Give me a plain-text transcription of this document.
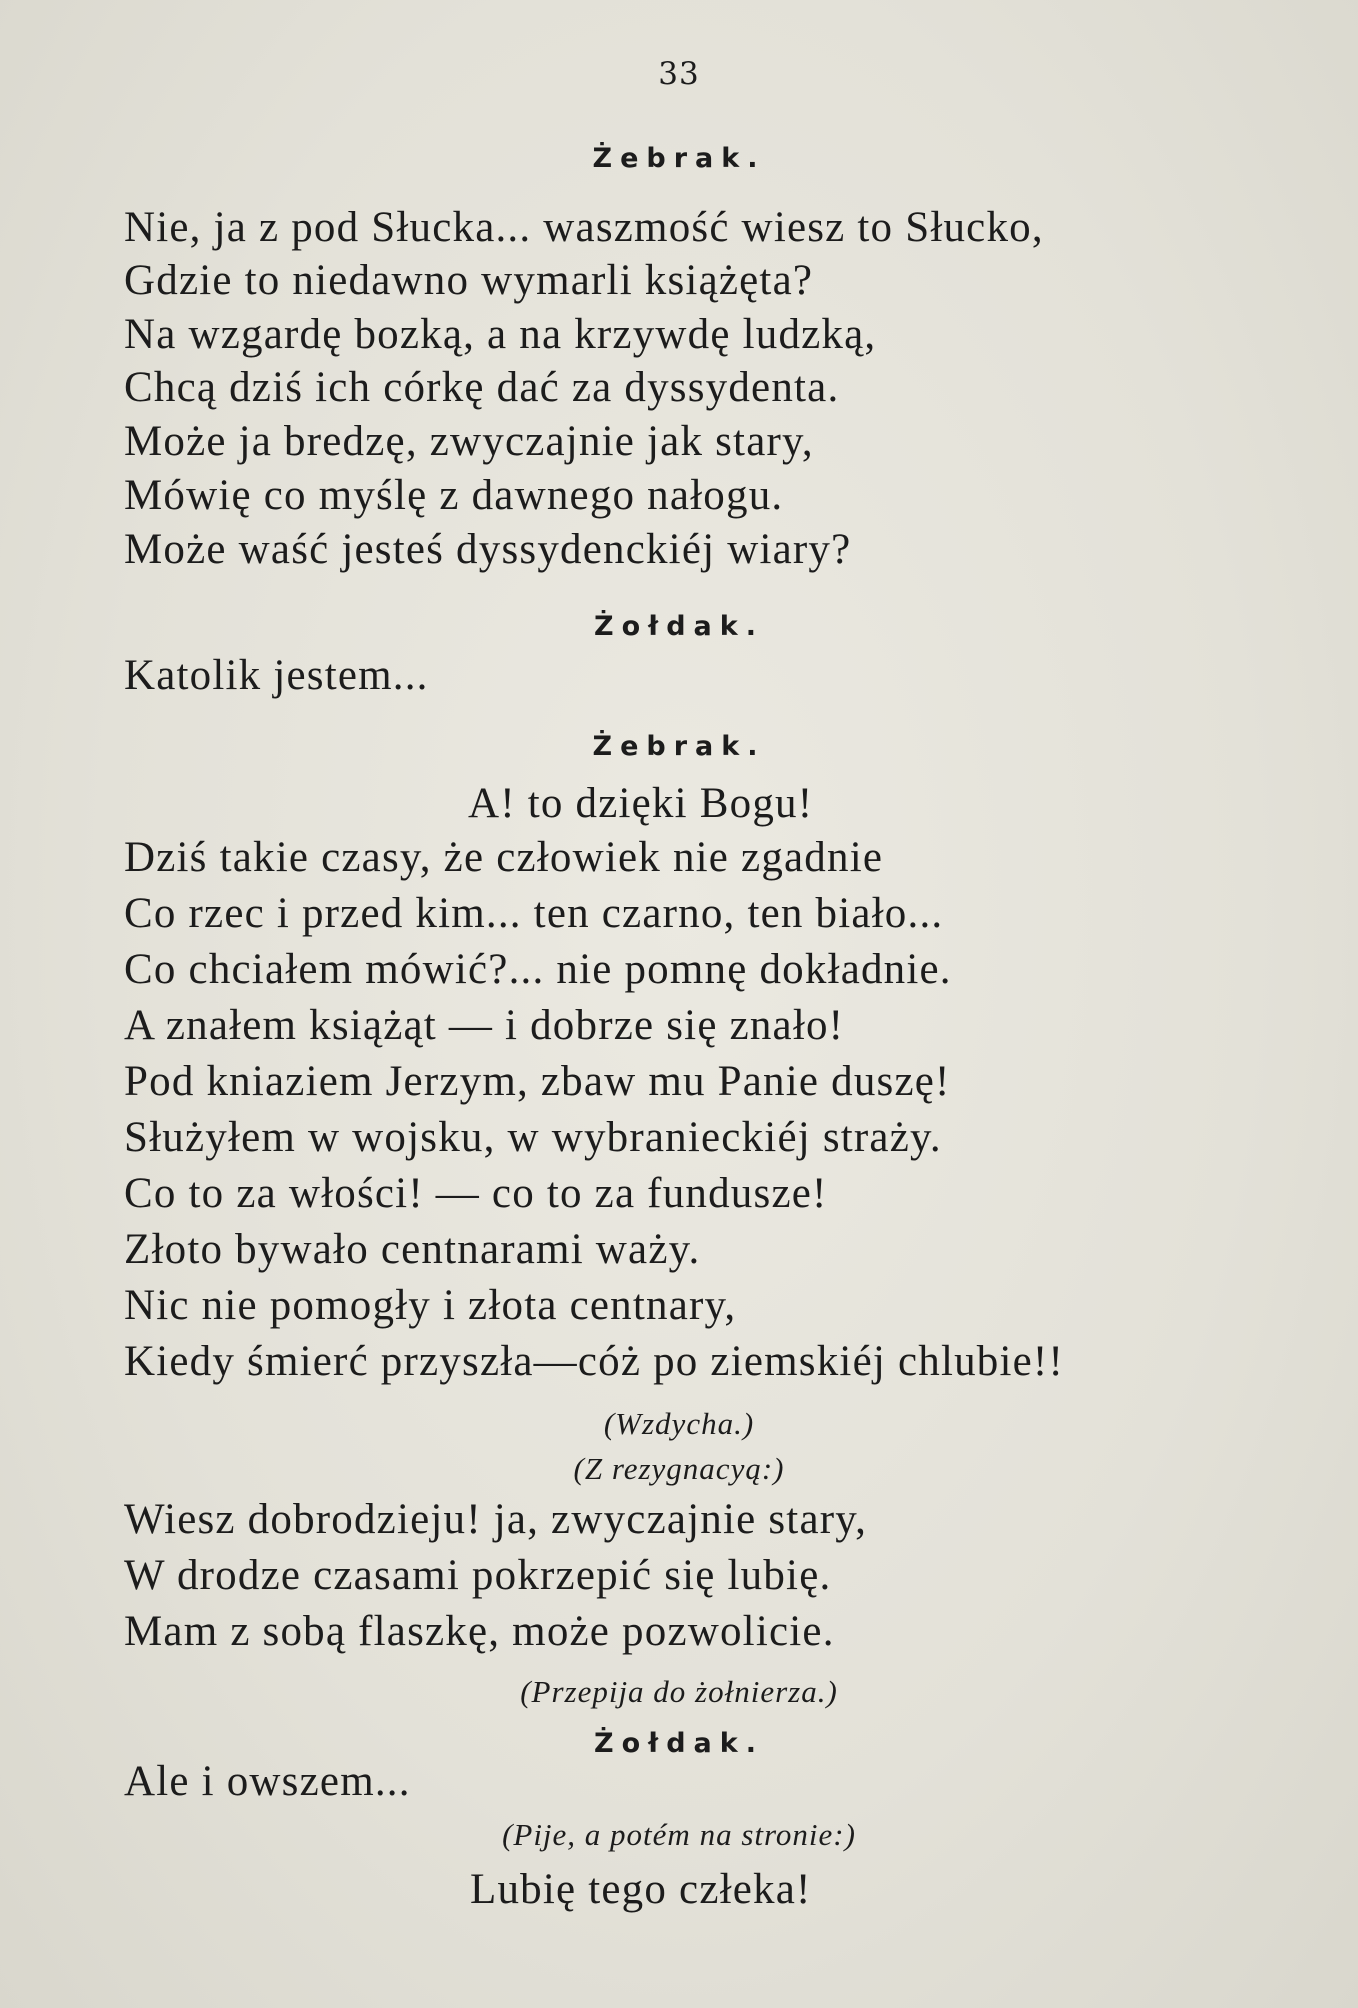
33
Żebrak.
Nie, ja z pod Słucka... waszmość wiesz to Słucko,
Gdzie to niedawno wymarli książęta?
Na wzgardę bozką, a na krzywdę ludzką,
Chcą dziś ich córkę dać za dyssydenta.
Może ja bredzę, zwyczajnie jak stary,
Mówię co myślę z dawnego nałogu.
Może waść jesteś dyssydenckiéj wiary?
Żołdak.
Katolik jestem...
Żebrak.
A! to dzięki Bogu!
Dziś takie czasy, że człowiek nie zgadnie
Co rzec i przed kim... ten czarno, ten biało...
Co chciałem mówić?... nie pomnę dokładnie.
A znałem książąt — i dobrze się znało!
Pod kniaziem Jerzym, zbaw mu Panie duszę!
Służyłem w wojsku, w wybranieckiéj straży.
Co to za włości! — co to za fundusze!
Złoto bywało centnarami waży.
Nic nie pomogły i złota centnary,
Kiedy śmierć przyszła—cóż po ziemskiéj chlubie!!
(Wzdycha.)
(Z rezygnacyą:)
Wiesz dobrodzieju! ja, zwyczajnie stary,
W drodze czasami pokrzepić się lubię.
Mam z sobą flaszkę, może pozwolicie.
(Przepija do żołnierza.)
Żołdak.
Ale i owszem...
(Pije, a potém na stronie:)
Lubię tego człeka!
